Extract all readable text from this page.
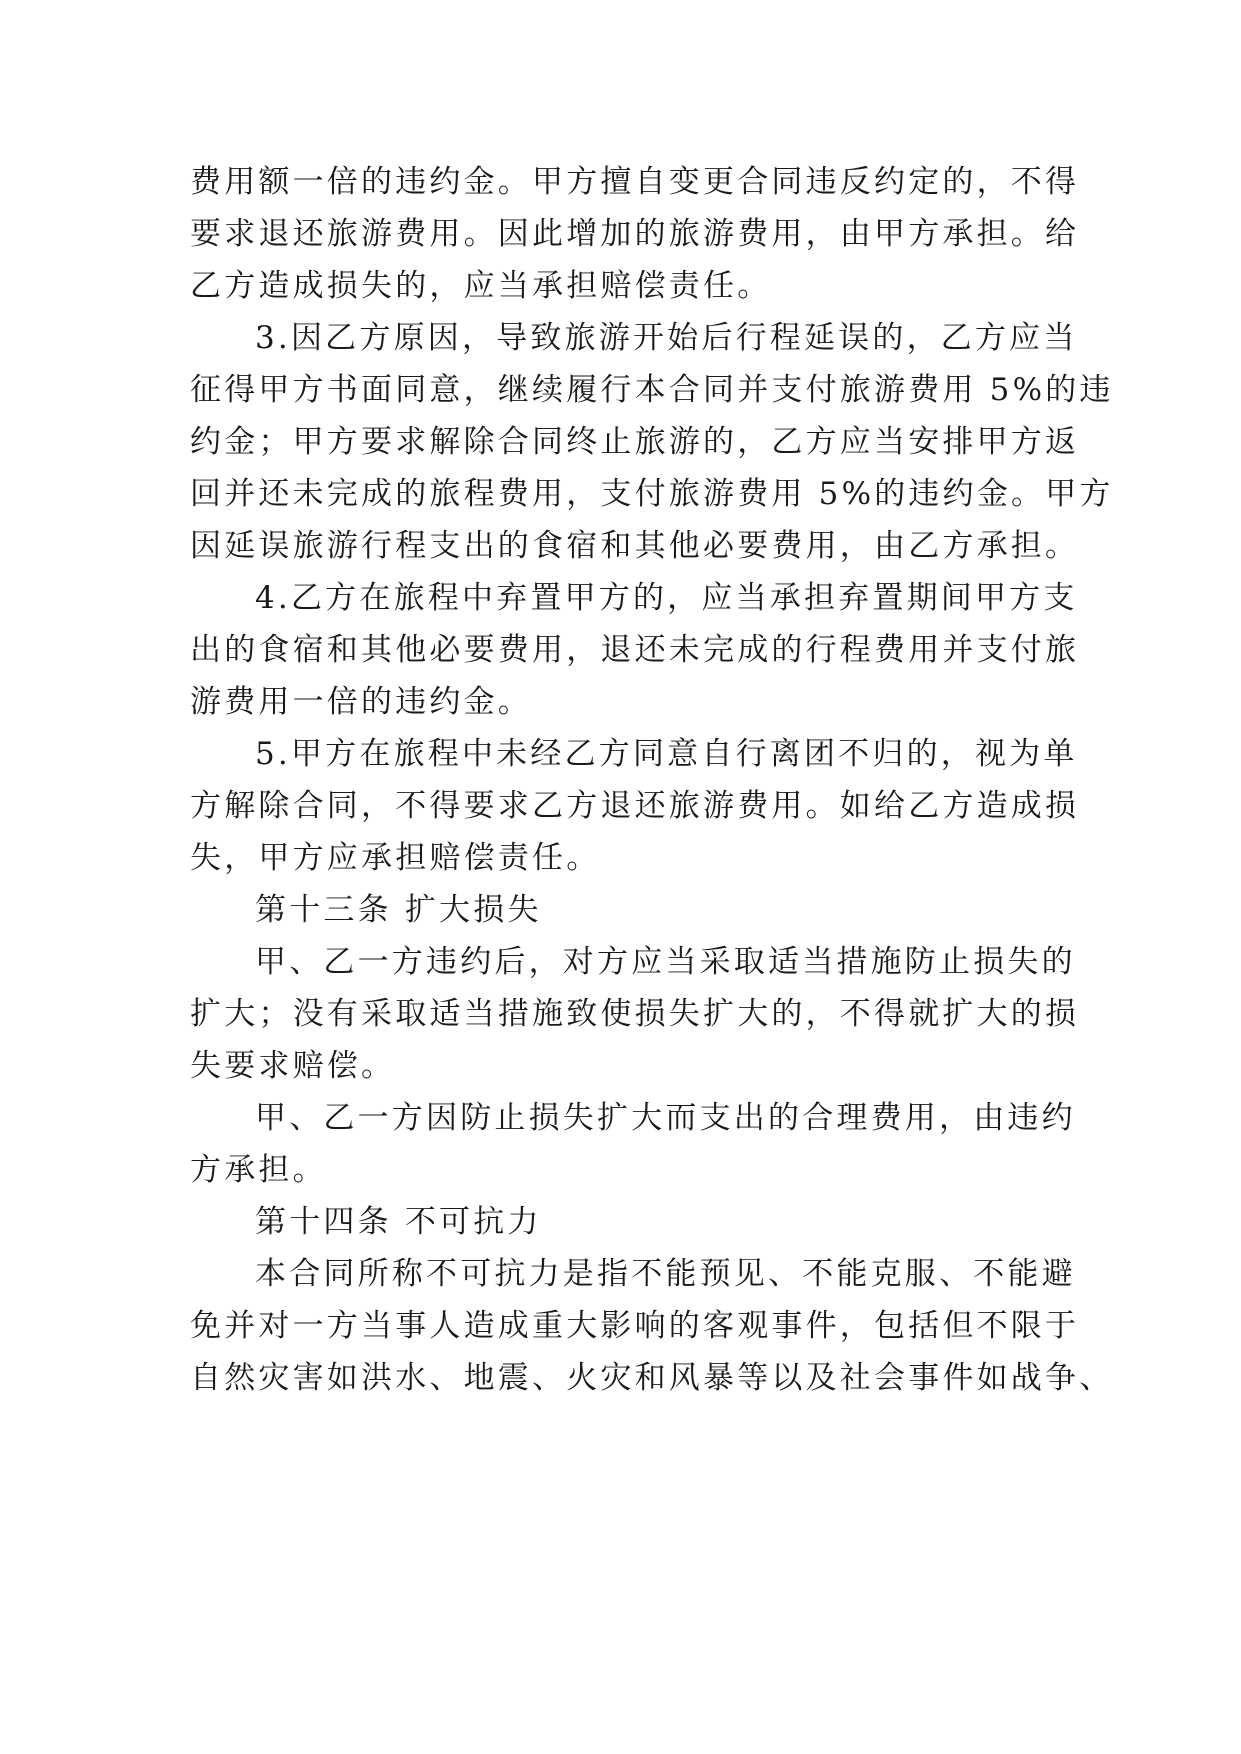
费用额一倍的违约金。甲方擅自变更合同违反约定的，不得
要求退还旅游费用。因此增加的旅游费用，由甲方承担。给
乙方造成损失的，应当承担赔偿责任。
3.因乙方原因，导致旅游开始后行程延误的，乙方应当
征得甲方书面同意，继续履行本合同并支付旅游费用 5%的违
约金；甲方要求解除合同终止旅游的，乙方应当安排甲方返
回并还未完成的旅程费用，支付旅游费用 5%的违约金。甲方
因延误旅游行程支出的食宿和其他必要费用，由乙方承担。
4.乙方在旅程中弃置甲方的，应当承担弃置期间甲方支
出的食宿和其他必要费用，退还未完成的行程费用并支付旅
游费用一倍的违约金。
5.甲方在旅程中未经乙方同意自行离团不归的，视为单
方解除合同，不得要求乙方退还旅游费用。如给乙方造成损
失，甲方应承担赔偿责任。
第十三条 扩大损失
甲、乙一方违约后，对方应当采取适当措施防止损失的
扩大；没有采取适当措施致使损失扩大的，不得就扩大的损
失要求赔偿。
甲、乙一方因防止损失扩大而支出的合理费用，由违约
方承担。
第十四条 不可抗力
本合同所称不可抗力是指不能预见、不能克服、不能避
免并对一方当事人造成重大影响的客观事件，包括但不限于
自然灾害如洪水、地震、火灾和风暴等以及社会事件如战争、
